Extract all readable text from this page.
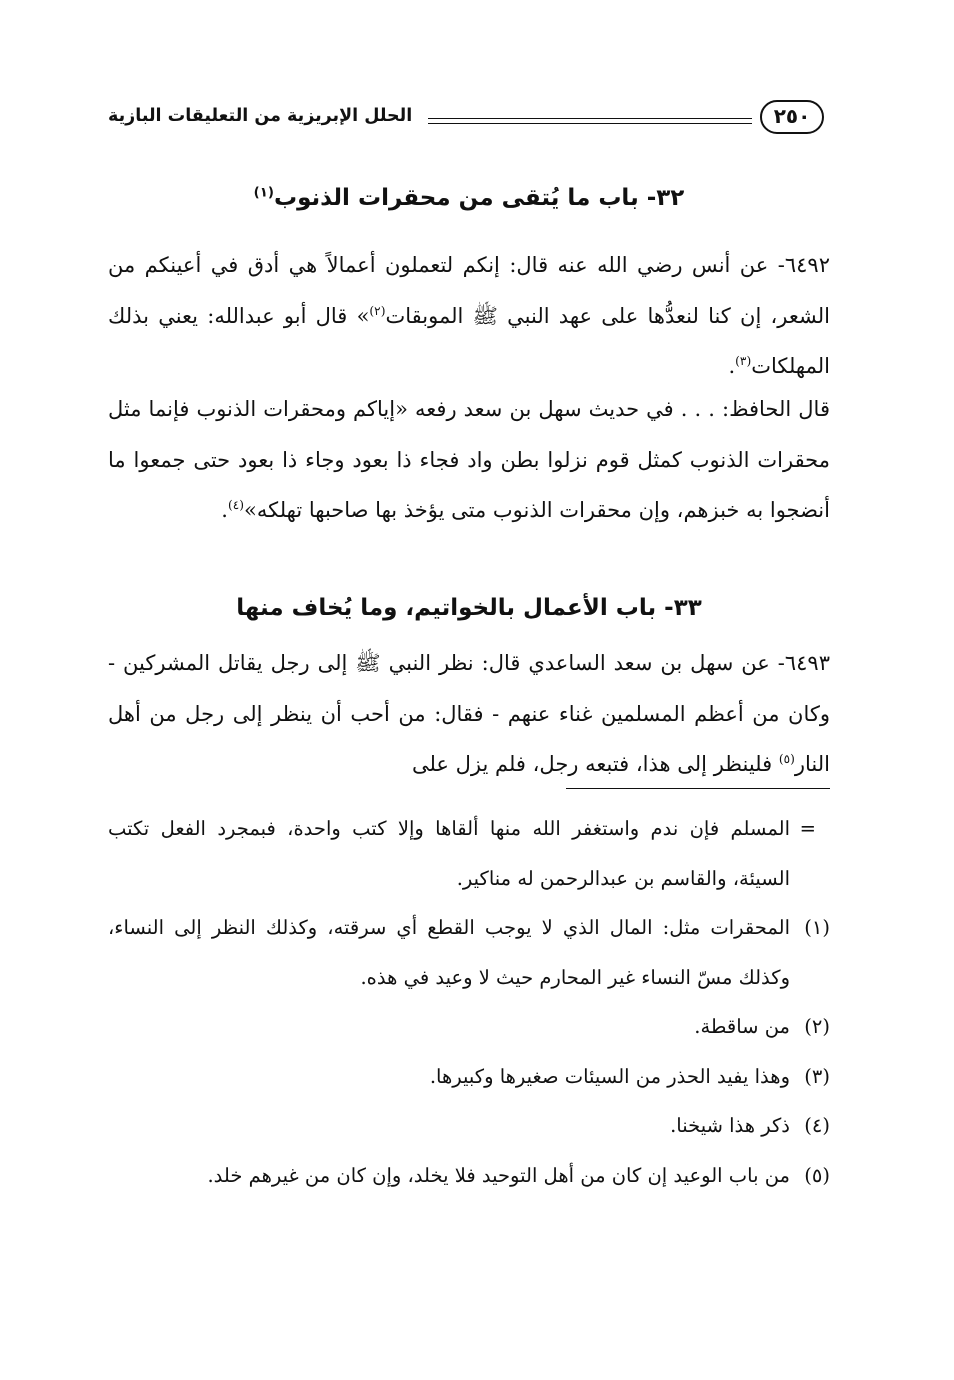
الحلل الإبريزية من التعليقات البازية	٢٥٠
٣٢- باب ما يُتقى من محقرات الذنوب$^{(١)}$

٦٤٩٢- عن أنس رضي الله عنه قال: إنكم لتعملون أعمالاً هي أدق في أعينكم من الشعر، إن كنا لنعدُّها على عهد النبي ﷺ الموبقات$^{(٢)}$» قال أبو عبدالله: يعني بذلك المهلكات$^{(٣)}$.

قال الحافظ: . . . في حديث سهل بن سعد رفعه «إياكم ومحقرات الذنوب فإنما مثل محقرات الذنوب كمثل قوم نزلوا بطن واد فجاء ذا بعود وجاء ذا بعود حتى جمعوا ما أنضجوا به خبزهم، وإن محقرات الذنوب متى يؤخذ بها صاحبها تهلكه»$^{(٤)}$.

٣٣- باب الأعمال بالخواتيم، وما يُخاف منها

٦٤٩٣- عن سهل بن سعد الساعدي قال: نظر النبي ﷺ إلى رجل يقاتل المشركين - وكان من أعظم المسلمين غناء عنهم - فقال: من أحب أن ينظر إلى رجل من أهل النار$^{(٥)}$ فلينظر إلى هذا، فتبعه رجل، فلم يزل على

=
المسلم فإن ندم واستغفر الله منها ألقاها وإلا كتب واحدة، فبمجرد الفعل تكتب السيئة، والقاسم بن عبدالرحمن له مناكير.
(١)
المحقرات مثل: المال الذي لا يوجب القطع أي سرقته، وكذلك النظر إلى النساء، وكذلك مسّ النساء غير المحارم حيث لا وعيد في هذه.
(٢)
من ساقطة.
(٣)
وهذا يفيد الحذر من السيئات صغيرها وكبيرها.
(٤)
ذكر هذا شيخنا.
(٥)
من باب الوعيد إن كان من أهل التوحيد فلا يخلد، وإن كان من غيرهم خلد.
